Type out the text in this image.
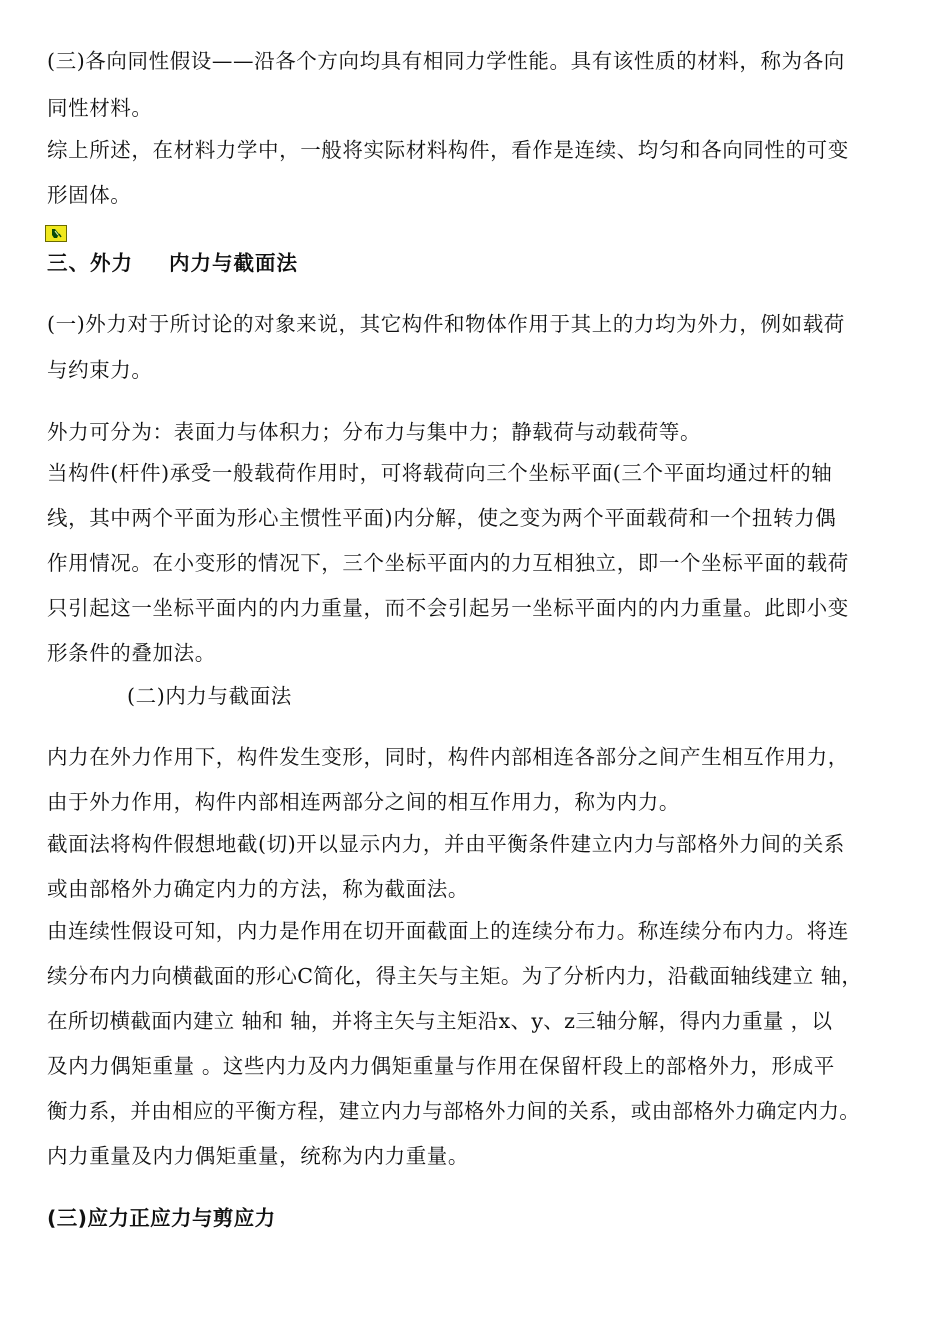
(三)各向同性假设——沿各个方向均具有相同力学性能。具有该性质的材料，称为各向
同性材料。
综上所述，在材料力学中，一般将实际材料构件，看作是连续、均匀和各向同性的可变
形固体。
三、外力 内力与截面法
(一)外力对于所讨论的对象来说，其它构件和物体作用于其上的力均为外力，例如载荷
与约束力。
外力可分为：表面力与体积力；分布力与集中力；静载荷与动载荷等。
当构件(杆件)承受一般载荷作用时，可将载荷向三个坐标平面(三个平面均通过杆的轴
线，其中两个平面为形心主惯性平面)内分解，使之变为两个平面载荷和一个扭转力偶
作用情况。在小变形的情况下，三个坐标平面内的力互相独立，即一个坐标平面的载荷
只引起这一坐标平面内的内力重量，而不会引起另一坐标平面内的内力重量。此即小变
形条件的叠加法。
(二)内力与截面法
内力在外力作用下，构件发生变形，同时，构件内部相连各部分之间产生相互作用力，
由于外力作用，构件内部相连两部分之间的相互作用力，称为内力。
截面法将构件假想地截(切)开以显示内力，并由平衡条件建立内力与部格外力间的关系
或由部格外力确定内力的方法，称为截面法。
由连续性假设可知，内力是作用在切开面截面上的连续分布力。称连续分布内力。将连
续分布内力向横截面的形心C简化，得主矢与主矩。为了分析内力，沿截面轴线建立 轴，
在所切横截面内建立 轴和 轴，并将主矢与主矩沿x、y、z三轴分解，得内力重量 ，以
及内力偶矩重量 。这些内力及内力偶矩重量与作用在保留杆段上的部格外力，形成平
衡力系，并由相应的平衡方程，建立内力与部格外力间的关系，或由部格外力确定内力。
内力重量及内力偶矩重量，统称为内力重量。
(三)应力正应力与剪应力
